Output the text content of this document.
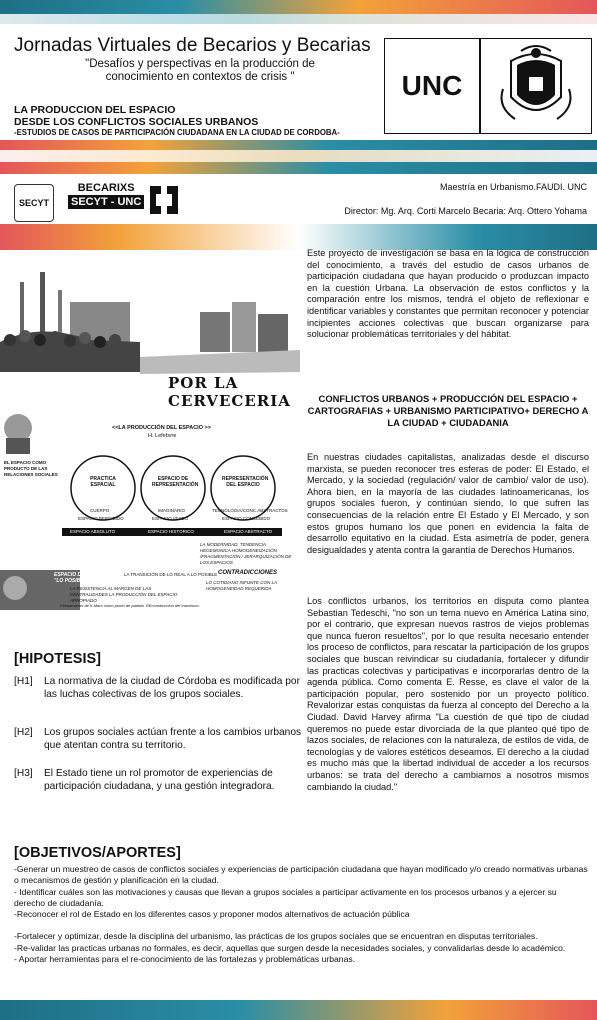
Jornadas Virtuales de Becarios y Becarias
"Desafíos y perspectivas en la producción de conocimiento en contextos de crisis "
LA PRODUCCION DEL ESPACIO
DESDE LOS CONFLICTOS SOCIALES URBANOS
-ESTUDIOS DE CASOS DE PARTICIPACIÓN CIUDADANA EN LA CIUDAD DE CORDOBA-
UNC
SECYT
BECARIXS
SECYT - UNC
Maestría en Urbanismo.FAUDI. UNC
Director: Mg. Arq. Corti Marcelo Becaria: Arq. Ottero Yohama
POR LA CERVECERIA
<<LA PRODUCCIÓN DEL ESPACIO >>
H. Lefebvre
EL ESPACIO COMO PRODUCTO DE LAS RELACIONES SOCIALES
PRACTICA ESPACIAL
ESPACIO DE REPRESENTACIÓN
REPRESENTACIÓN DEL ESPACIO
CUERPO
ESPACIO PERCIBIDO
IMAGINARIO
ESPACIO VIVIDO
TECNOLOGIA/CONC.ABSTRACTOS
ESPACIO CONCEBIDO
ESPACIO ABSOLUTO	ESPACIO HISTORICO	ESPACIO ABSTRACTO
LA MODERNIDAD: TENDENCIA HEGEMONICA HOMOGENEIZACIÓN /FRAGMENTACIÓN / JERARQUIZACIÓN DE LOS ESPACIOS
ESPACIO DIFERENCIAL "LO POSIBLE"
LA TRANSICIÓN DE LO REAL A LO POSIBLE CONTRADICCIONES
LA RESISTENCIA AL MARGEN DE LAS CENTRALIDADES LA PRODUCCIÓN DEL ESPACIO APROPIADO
LO COTIDIANO INFUNTE CON LA HOMOGENEIDAD REQUERIDA
Pensamiento de K.Marx como punto de partida. REconstruccion del marxismo.
Este proyecto de investigación se basa en la lógica de construcción del conocimiento, a través del estudio de casos urbanos de participación ciudadana que hayan producido o produzcan impacto en la cuestión Urbana. La observación de estos conflictos y la comparación entre los mismos, tendrá el objeto de reflexionar e identificar variables y constantes que permitan reconocer y potenciar incipientes acciones colectivas que buscan organizarse para solucionar problemáticas territoriales y del hábitat.
CONFLICTOS URBANOS + PRODUCCIÓN DEL ESPACIO + CARTOGRAFIAS + URBANISMO PARTICIPATIVO+ DERECHO A LA CIUDAD + CIUDADANIA
En nuestras ciudades capitalistas, analizadas desde el discurso marxista, se pueden reconocer tres esferas de poder: El Estado, el Mercado, y la sociedad (regulación/ valor de cambio/ valor de uso). Ahora bien, en la mayoría de las ciudades latinoamericanas, los grupos sociales fueron, y continúan siendo, lo que sufren las consecuencias de la relación entre El Estado y El Mercado, y son estos grupos humano los que ponen en evidencia la falta de desarrollo equitativo en la ciudad. Esta asimetría de poder, genera desigualdades y atenta contra la garantía de Derechos Humanos.
Los conflictos urbanos, los territorios en disputa como plantea Sebastian Tedeschi, "no son un tema nuevo en América Latina sino, por el contrario, que expresan nuevos rastros de viejos problemas que nunca fueron resueltos", por lo que resulta necesario entender los proceso de conflictos, para rescatar la participación de los grupos sociales que buscan reivindicar su ciudadanía, fortalecer y difundir las practicas colectivas y participativas e incorporarlas dentro de la agenda pública. Como comenta E. Resse, es clave el valor de la participación popular, pero sostenido por un proyecto político. Revalorizar estas conquistas da fuerza al concepto del Derecho a la Ciudad. David Harvey afirma "La cuestión de qué tipo de ciudad queremos no puede estar divorciada de la que planteo qué tipo de lazos sociales, de relaciones con la naturaleza, de estilos de vida, de tecnologías y de valores estéticos deseamos. El derecho a la ciudad es mucho más que la libertad individual de acceder a los recursos urbanos: se trata del derecho a cambiarnos a nosotros mismos cambiando la ciudad."
[HIPOTESIS]
[H1] La normativa de la ciudad de Córdoba es modificada por las luchas colectivas de los grupos sociales.
[H2] Los grupos sociales actúan frente a los cambios urbanos que atentan contra su territorio.
[H3] El Estado tiene un rol promotor de experiencias de participación ciudadana, y una gestión integradora.
[OBJETIVOS/APORTES]
-Generar un muestreo de casos de conflictos sociales y experiencias de participación ciudadana que hayan modificado y/o creado normativas urbanas o mecanismos de gestión y planificación en la ciudad.
- Identificar cuáles son las motivaciones y causas que llevan a grupos sociales a participar activamente en los procesos urbanos y a ejercer su derecho de ciudadanía.
-Reconocer el rol de Estado en los diferentes casos y proponer modos alternativos de actuación pública
-Fortalecer y optimizar, desde la disciplina del urbanismo, las prácticas de los grupos sociales que se encuentran en disputas territoriales.
-Re-validar las practicas urbanas no formales, es decir, aquellas que surgen desde la necesidades sociales, y convalidarlas desde lo académico.
- Aportar herramientas para el re-conocimiento de las fortalezas y problemáticas urbanas.
